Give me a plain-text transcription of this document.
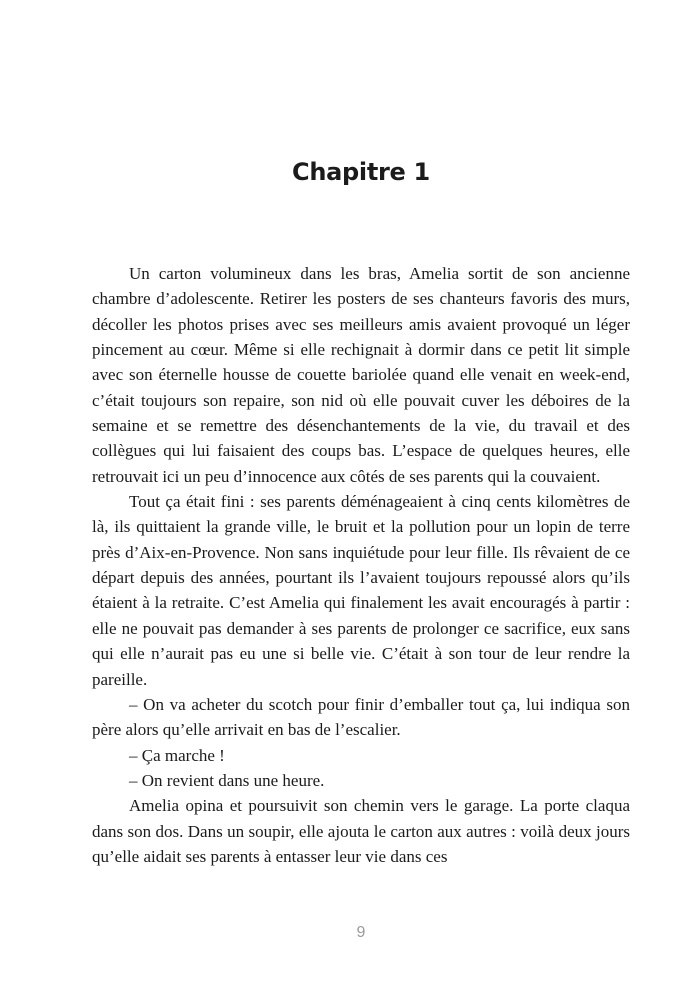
Chapitre 1

Un carton volumineux dans les bras, Amelia sortit de son ancienne chambre d’adolescente. Retirer les posters de ses chanteurs favoris des murs, décoller les photos prises avec ses meilleurs amis avaient provoqué un léger pincement au cœur. Même si elle rechignait à dormir dans ce petit lit simple avec son éternelle housse de couette bariolée quand elle venait en week-end, c’était toujours son repaire, son nid où elle pouvait cuver les déboires de la semaine et se remettre des désenchantements de la vie, du travail et des collègues qui lui faisaient des coups bas. L’espace de quelques heures, elle retrouvait ici un peu d’innocence aux côtés de ses parents qui la couvaient.

Tout ça était fini : ses parents déménageaient à cinq cents kilomètres de là, ils quittaient la grande ville, le bruit et la pollution pour un lopin de terre près d’Aix-en-Provence. Non sans inquiétude pour leur fille. Ils rêvaient de ce départ depuis des années, pourtant ils l’avaient toujours repoussé alors qu’ils étaient à la retraite. C’est Amelia qui finalement les avait encouragés à partir : elle ne pouvait pas demander à ses parents de prolonger ce sacrifice, eux sans qui elle n’aurait pas eu une si belle vie. C’était à son tour de leur rendre la pareille.

– On va acheter du scotch pour finir d’emballer tout ça, lui indiqua son père alors qu’elle arrivait en bas de l’escalier.

– Ça marche !

– On revient dans une heure.

Amelia opina et poursuivit son chemin vers le garage. La porte claqua dans son dos. Dans un soupir, elle ajouta le carton aux autres : voilà deux jours qu’elle aidait ses parents à entasser leur vie dans ces

9
